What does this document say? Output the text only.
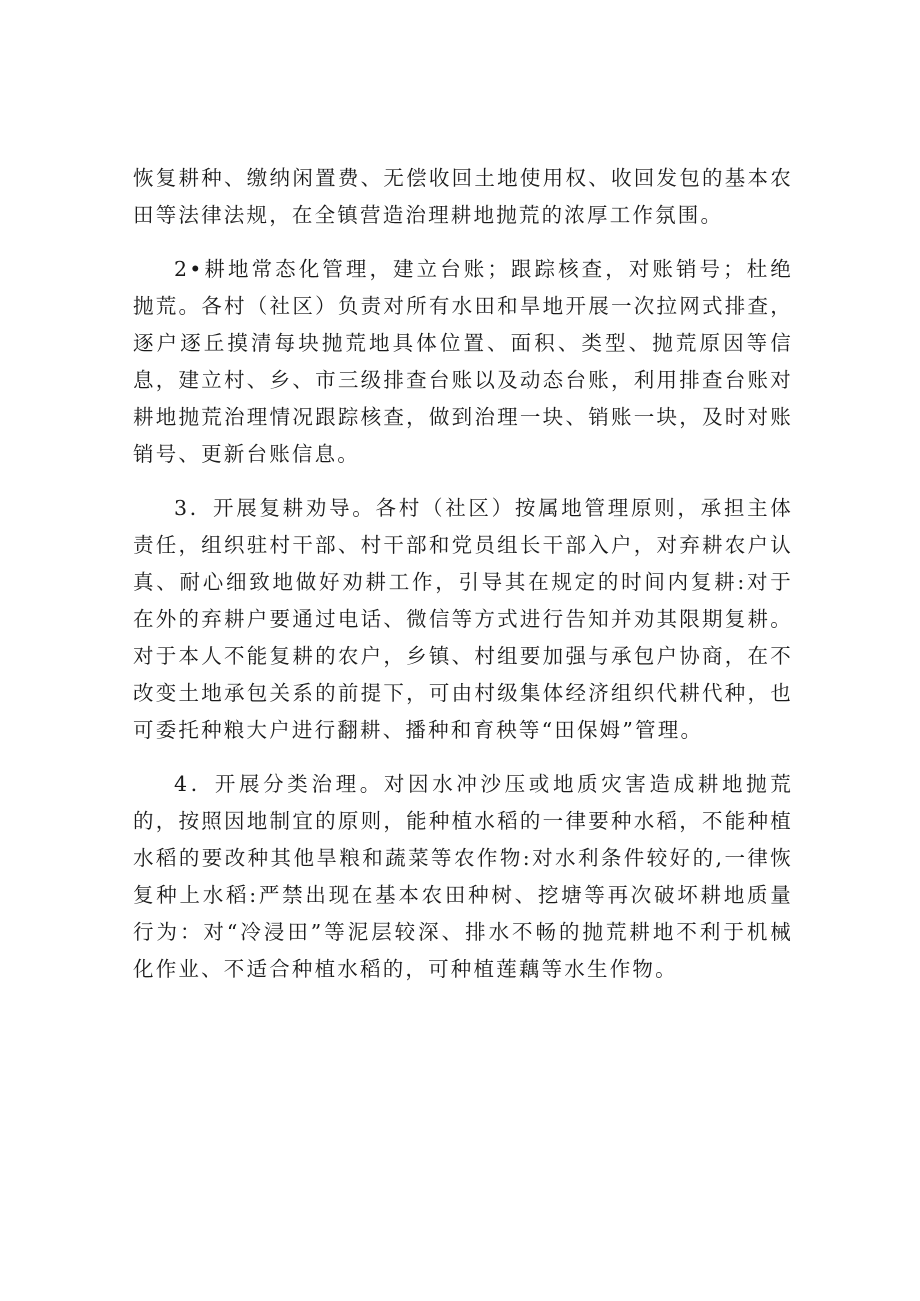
恢复耕种、缴纳闲置费、无偿收回土地使用权、收回发包的基本农田等法律法规，在全镇营造治理耕地抛荒的浓厚工作氛围。

2•耕地常态化管理，建立台账；跟踪核查，对账销号；杜绝抛荒。各村（社区）负责对所有水田和旱地开展一次拉网式排查，逐户逐丘摸清每块抛荒地具体位置、面积、类型、抛荒原因等信息，建立村、乡、市三级排查台账以及动态台账，利用排查台账对耕地抛荒治理情况跟踪核查，做到治理一块、销账一块，及时对账销号、更新台账信息。

3．开展复耕劝导。各村（社区）按属地管理原则，承担主体责任，组织驻村干部、村干部和党员组长干部入户，对弃耕农户认真、耐心细致地做好劝耕工作，引导其在规定的时间内复耕:对于在外的弃耕户要通过电话、微信等方式进行告知并劝其限期复耕。对于本人不能复耕的农户，乡镇、村组要加强与承包户协商，在不改变土地承包关系的前提下，可由村级集体经济组织代耕代种，也可委托种粮大户进行翻耕、播种和育秧等“田保姆”管理。

4．开展分类治理。对因水冲沙压或地质灾害造成耕地抛荒的，按照因地制宜的原则，能种植水稻的一律要种水稻，不能种植水稻的要改种其他旱粮和蔬菜等农作物:对水利条件较好的,一律恢复种上水稻:严禁出现在基本农田种树、挖塘等再次破坏耕地质量行为：对“冷浸田”等泥层较深、排水不畅的抛荒耕地不利于机械化作业、不适合种植水稻的，可种植莲藕等水生作物。
